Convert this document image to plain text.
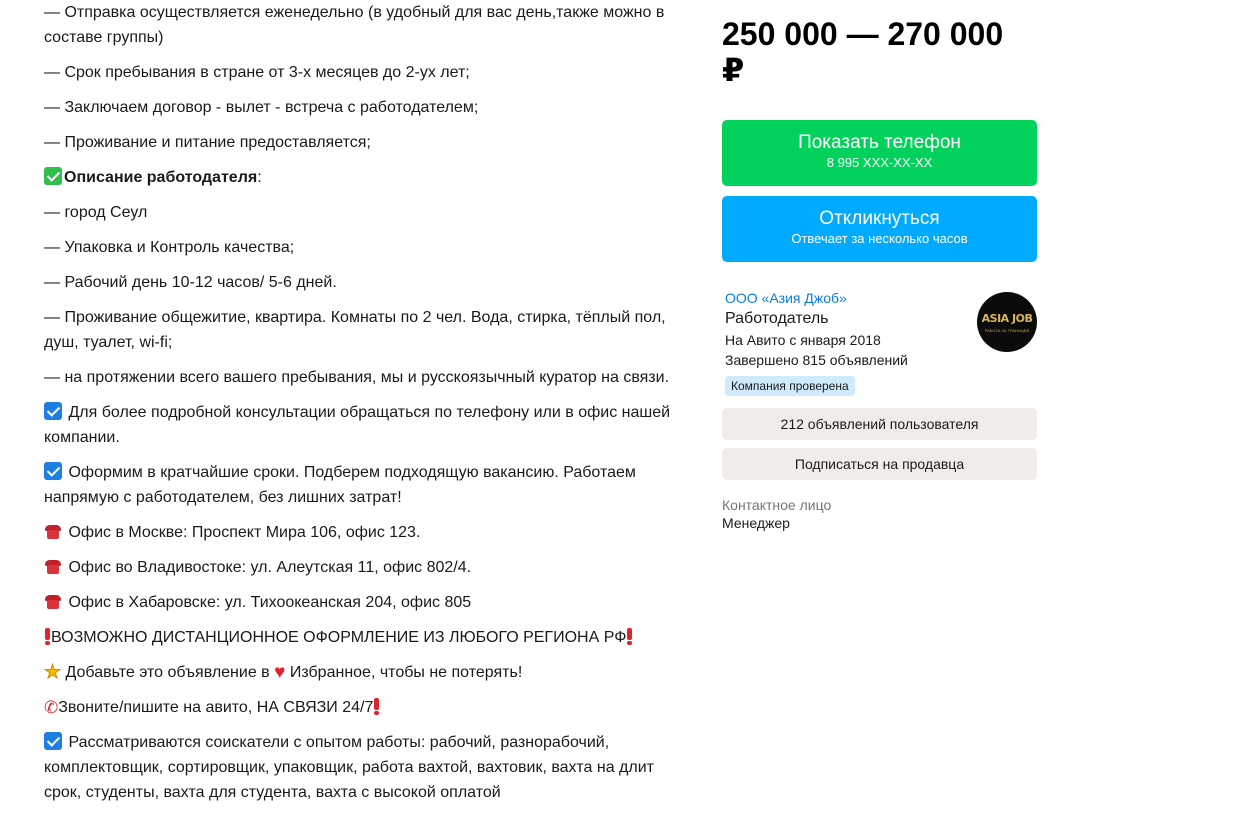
— Отправка осуществляется еженедельно (в удобный для вас день,также можно в составе группы)

— Срок пребывания в стране от 3-х месяцев до 2-ух лет;

— Заключаем договор - вылет - встреча с работодателем;

— Проживание и питание предоставляется;

Описание работодателя:

— город Сеул

— Упаковка и Контроль качества;

— Рабочий день 10-12 часов/ 5-6 дней.

— Проживание общежитие, квартира. Комнаты по 2 чел. Вода, стирка, тёплый пол, душ, туалет, wi-fi;

— на протяжении всего вашего пребывания, мы и русскоязычный куратор на связи.

Для более подробной консультации обращаться по телефону или в офис нашей компании.

Оформим в кратчайшие сроки. Подберем подходящую вакансию. Работаем напрямую с работодателем, без лишних затрат!

Офис в Москве: Проспект Мира 106, офис 123.

Офис во Владивостоке: ул. Алеутская 11, офис 802/4.

Офис в Хабаровске: ул. Тихоокеанская 204, офис 805

ВОЗМОЖНО ДИСТАНЦИОННОЕ ОФОРМЛЕНИЕ ИЗ ЛЮБОГО РЕГИОНА РФ

★ Добавьте это объявление в ♥ Избранное, чтобы не потерять!

✆Звоните/пишите на авито, НА СВЯЗИ 24/7

Рассматриваются соискатели с опытом работы: рабочий, разнорабочий, комплектовщик, сортировщик, упаковщик, работа вахтой, вахтовик, вахта на длит срок, студенты, вахта для студента, вахта с высокой оплатой

250 000 — 270 000 ₽
Показать телефон
8 995 XXX-XX-XX
Откликнуться
Отвечает за несколько часов
ООО «Азия Джоб»
Работодатель
На Авито с января 2018
Завершено 815 объявлений
Компания проверена
ASIA JOB
РАБОТА ЗА ГРАНИЦЕЙ
212 объявлений пользователя
Подписаться на продавца
Контактное лицо
Менеджер
